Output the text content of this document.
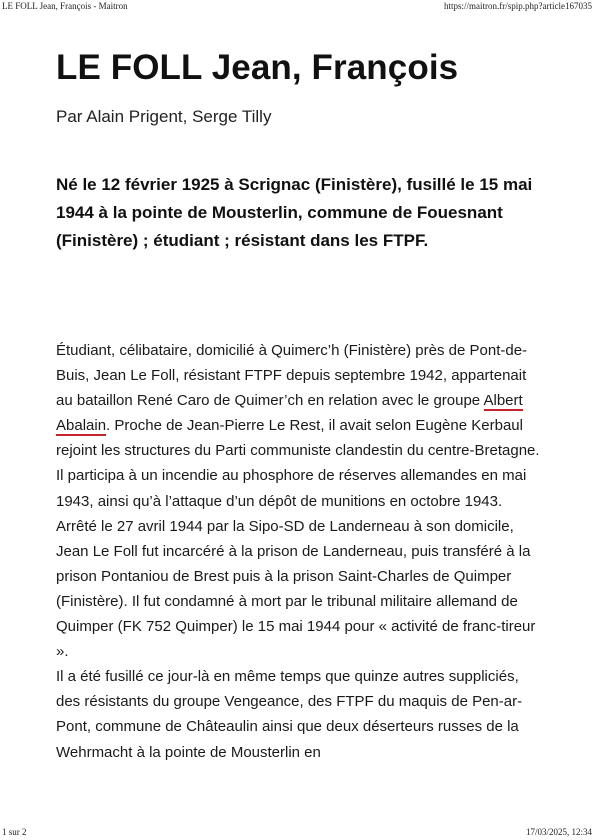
LE FOLL Jean, François - Maitron	https://maitron.fr/spip.php?article167035
LE FOLL Jean, François
Par Alain Prigent, Serge Tilly
Né le 12 février 1925 à Scrignac (Finistère), fusillé le 15 mai 1944 à la pointe de Mousterlin, commune de Fouesnant (Finistère) ; étudiant ; résistant dans les FTPF.

Étudiant, célibataire, domicilié à Quimerc’h (Finistère) près de Pont-de-Buis, Jean Le Foll, résistant FTPF depuis septembre 1942, appartenait au bataillon René Caro de Quimer’ch en relation avec le groupe Albert Abalain. Proche de Jean-Pierre Le Rest, il avait selon Eugène Kerbaul rejoint les structures du Parti communiste clandestin du centre-Bretagne. Il participa à un incendie au phosphore de réserves allemandes en mai 1943, ainsi qu’à l’attaque d’un dépôt de munitions en octobre 1943. Arrêté le 27 avril 1944 par la Sipo-SD de Landerneau à son domicile, Jean Le Foll fut incarcéré à la prison de Landerneau, puis transféré à la prison Pontaniou de Brest puis à la prison Saint-Charles de Quimper (Finistère). Il fut condamné à mort par le tribunal militaire allemand de Quimper (FK 752 Quimper) le 15 mai 1944 pour « activité de franc-tireur ».

Il a été fusillé ce jour-là en même temps que quinze autres suppliciés, des résistants du groupe Vengeance, des FTPF du maquis de Pen-ar-Pont, commune de Châteaulin ainsi que deux déserteurs russes de la Wehrmacht à la pointe de Mousterlin en

1 sur 2	17/03/2025, 12:34
